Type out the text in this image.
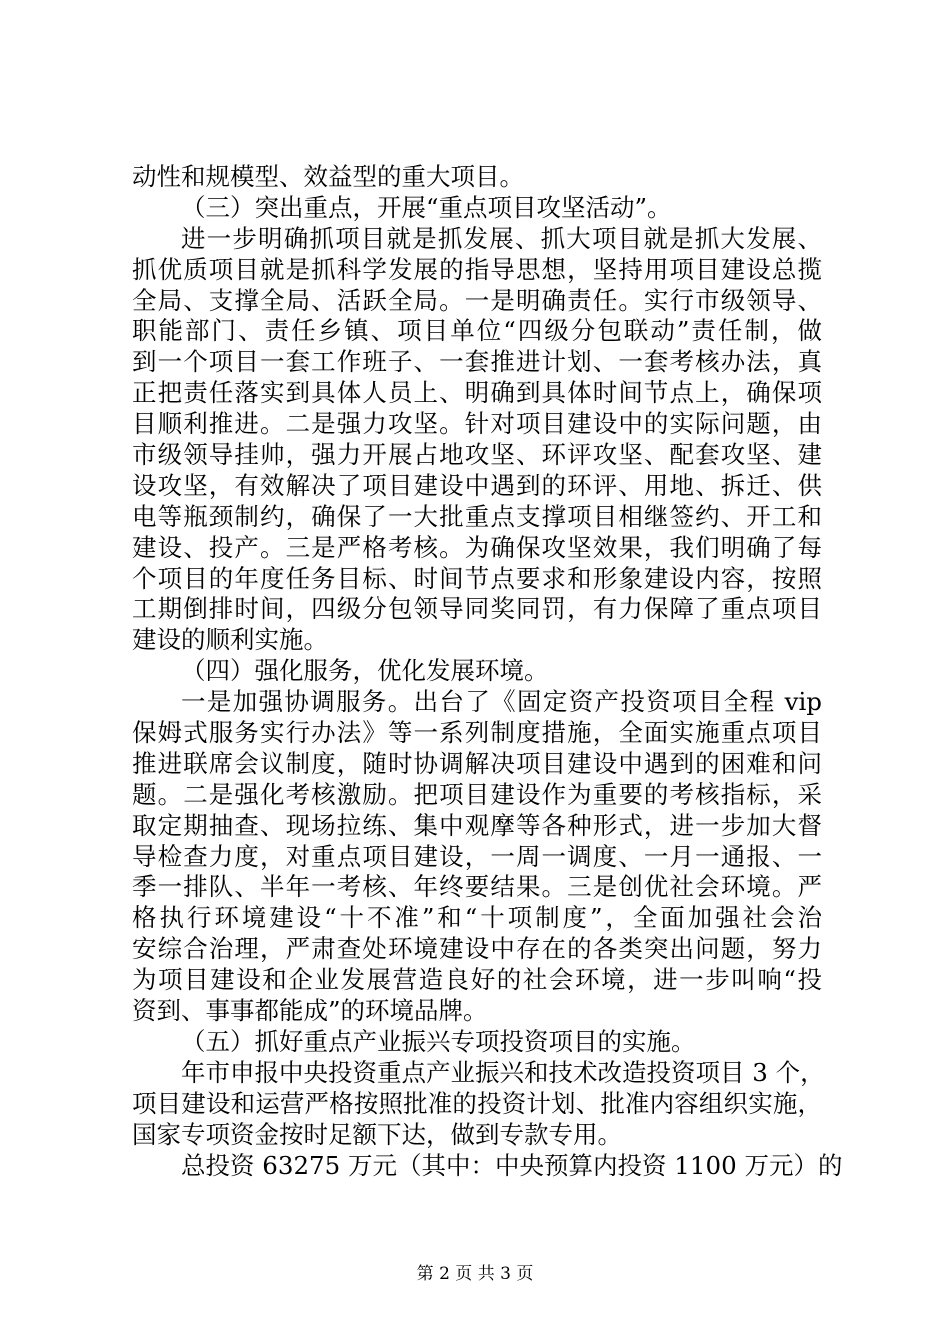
动性和规模型、效益型的重大项目。
（三）突出重点，开展“重点项目攻坚活动”。
进一步明确抓项目就是抓发展、抓大项目就是抓大发展、
抓优质项目就是抓科学发展的指导思想，坚持用项目建设总揽
全局、支撑全局、活跃全局。一是明确责任。实行市级领导、
职能部门、责任乡镇、项目单位“四级分包联动”责任制，做
到一个项目一套工作班子、一套推进计划、一套考核办法，真
正把责任落实到具体人员上、明确到具体时间节点上，确保项
目顺利推进。二是强力攻坚。针对项目建设中的实际问题，由
市级领导挂帅，强力开展占地攻坚、环评攻坚、配套攻坚、建
设攻坚，有效解决了项目建设中遇到的环评、用地、拆迁、供
电等瓶颈制约，确保了一大批重点支撑项目相继签约、开工和
建设、投产。三是严格考核。为确保攻坚效果，我们明确了每
个项目的年度任务目标、时间节点要求和形象建设内容，按照
工期倒排时间，四级分包领导同奖同罚，有力保障了重点项目
建设的顺利实施。
（四）强化服务，优化发展环境。
一是加强协调服务。出台了《固定资产投资项目全程 vip
保姆式服务实行办法》等一系列制度措施，全面实施重点项目
推进联席会议制度，随时协调解决项目建设中遇到的困难和问
题。二是强化考核激励。把项目建设作为重要的考核指标，采
取定期抽查、现场拉练、集中观摩等各种形式，进一步加大督
导检查力度，对重点项目建设，一周一调度、一月一通报、一
季一排队、半年一考核、年终要结果。三是创优社会环境。严
格执行环境建设“十不准”和“十项制度”，全面加强社会治
安综合治理，严肃查处环境建设中存在的各类突出问题，努力
为项目建设和企业发展营造良好的社会环境，进一步叫响“投
资到、事事都能成”的环境品牌。
（五）抓好重点产业振兴专项投资项目的实施。
年市申报中央投资重点产业振兴和技术改造投资项目 3 个，
项目建设和运营严格按照批准的投资计划、批准内容组织实施，
国家专项资金按时足额下达，做到专款专用。
总投资 63275 万元（其中：中央预算内投资 1100 万元）的
第 2 页 共 3 页
